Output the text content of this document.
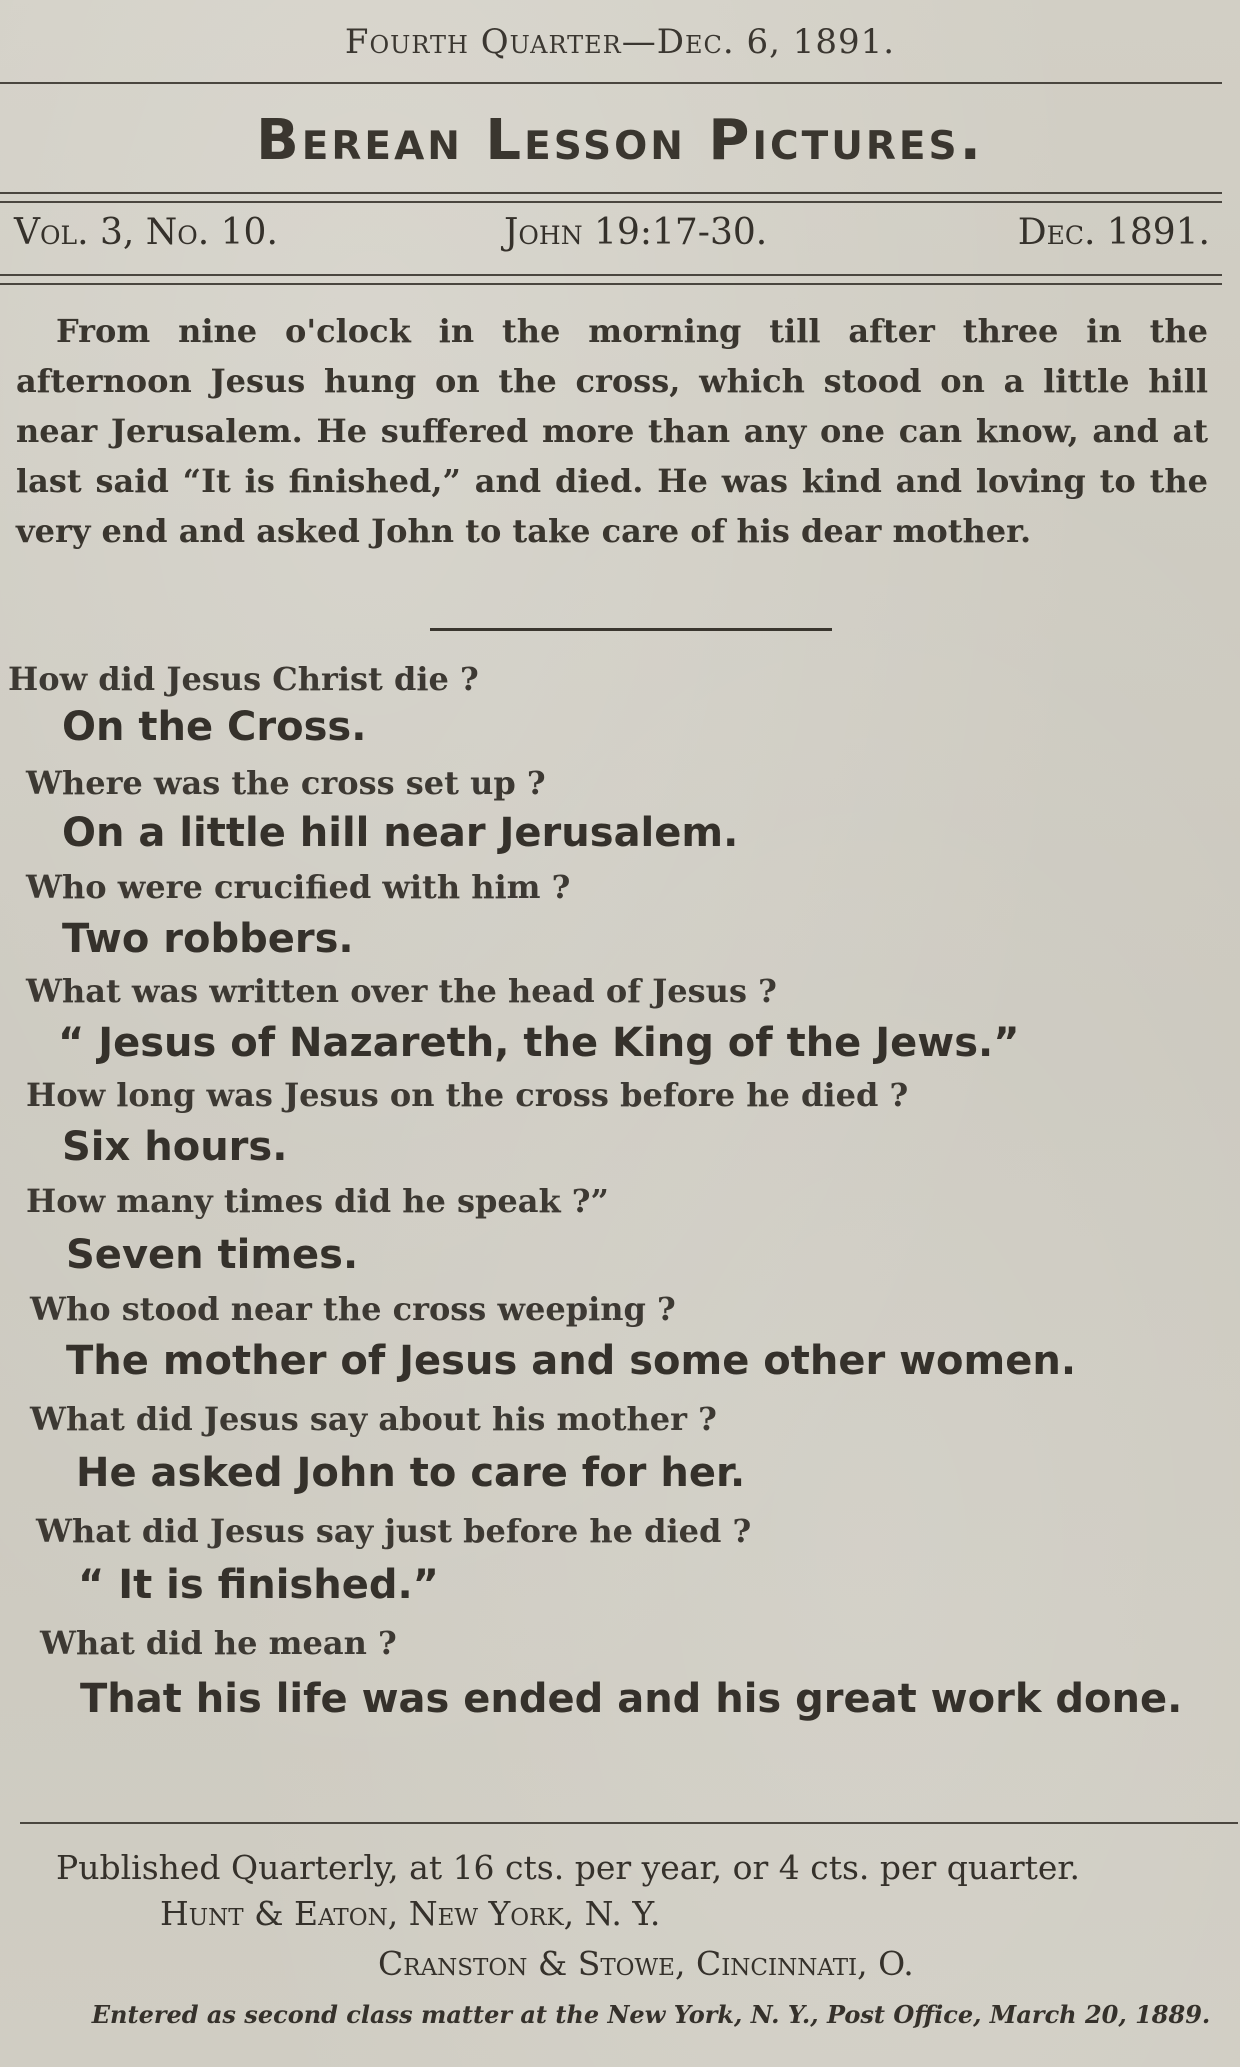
Fourth Quarter—Dec. 6, 1891.
Berean Lesson Pictures.
Vol. 3, No. 10.	John 19:17-30.	Dec. 1891.
From nine o'clock in the morning till after three in the afternoon Jesus hung on the cross, which stood on a little hill near Jerusalem. He suffered more than any one can know, and at last said “It is finished,” and died. He was kind and loving to the very end and asked John to take care of his dear mother.
How did Jesus Christ die ?
On the Cross.
Where was the cross set up ?
On a little hill near Jerusalem.
Who were crucified with him ?
Two robbers.
What was written over the head of Jesus ?
“ Jesus of Nazareth, the King of the Jews.”
How long was Jesus on the cross before he died ?
Six hours.
How many times did he speak ?”
Seven times.
Who stood near the cross weeping ?
The mother of Jesus and some other women.
What did Jesus say about his mother ?
He asked John to care for her.
What did Jesus say just before he died ?
“ It is finished.”
What did he mean ?
That his life was ended and his great work done.
Published Quarterly, at 16 cts. per year, or 4 cts. per quarter.
Hunt & Eaton, New York, N. Y.
Cranston & Stowe, Cincinnati, O.
Entered as second class matter at the New York, N. Y., Post Office, March 20, 1889.
